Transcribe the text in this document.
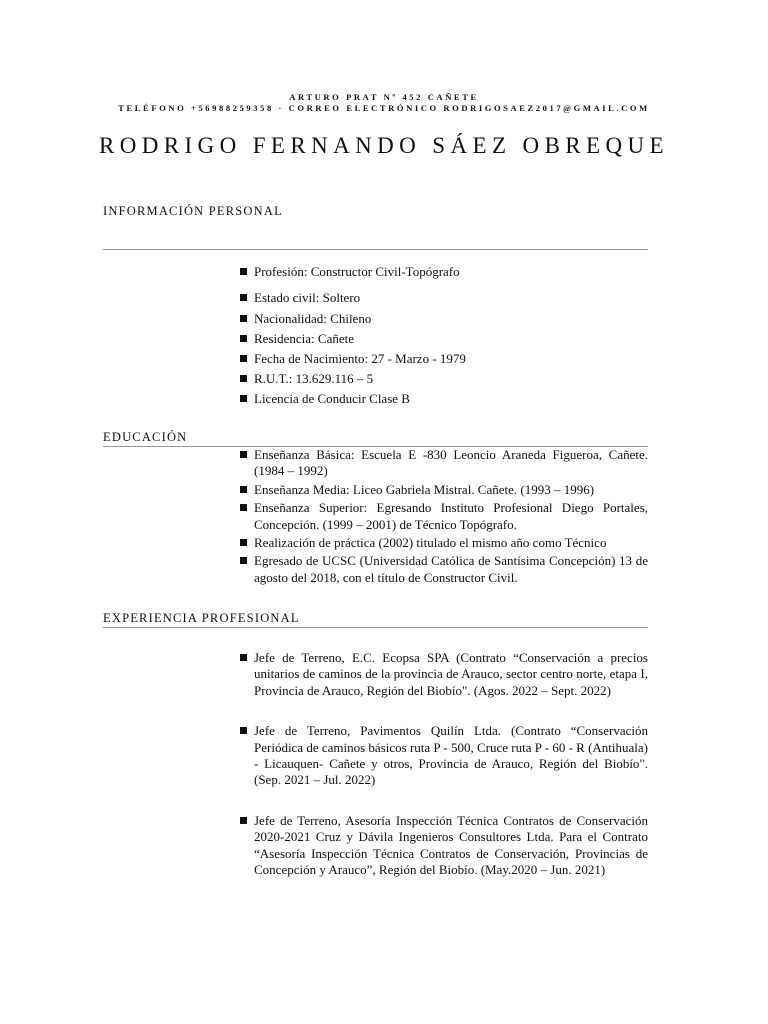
ARTURO PRAT Nº 452 CAÑETE
TELÉFONO +56988259358 · CORREO ELECTRÓNICO RODRIGOSAEZ2017@GMAIL.COM
RODRIGO FERNANDO SÁEZ OBREQUE
INFORMACIÓN PERSONAL
Profesión: Constructor Civil-Topógrafo
Estado civil: Soltero
Nacionalidad: Chileno
Residencia: Cañete
Fecha de Nacimiento: 27 - Marzo - 1979
R.U.T.: 13.629.116 – 5
Licencia de Conducir Clase B
EDUCACIÓN
Enseñanza Básica: Escuela E -830 Leoncio Araneda Figueroa, Cañete. (1984 – 1992)
Enseñanza Media: Liceo Gabriela Mistral. Cañete. (1993 – 1996)
Enseñanza Superior: Egresando Instituto Profesional Diego Portales, Concepción. (1999 – 2001) de Técnico Topógrafo.
Realización de práctica (2002) titulado el mismo año como Técnico
Egresado de UCSC (Universidad Católica de Santísima Concepción) 13 de agosto del 2018, con el título de Constructor Civil.
EXPERIENCIA PROFESIONAL
Jefe de Terreno, E.C. Ecopsa SPA (Contrato “Conservación a precios unitarios de caminos de la provincia de Arauco, sector centro norte, etapa I, Provincia de Arauco, Región del Biobío". (Agos. 2022 – Sept. 2022)
Jefe de Terreno, Pavimentos Quilín Ltda. (Contrato “Conservación Periódica de caminos básicos ruta P - 500, Cruce ruta P - 60 - R (Antihuala) - Licauquen- Cañete y otros, Provincia de Arauco, Región del Biobío". (Sep. 2021 – Jul. 2022)
Jefe de Terreno, Asesoría Inspección Técnica Contratos de Conservación 2020-2021 Cruz y Dávila Ingenieros Consultores Ltda. Para el Contrato “Asesoría Inspección Técnica Contratos de Conservación, Provincias de Concepción y Arauco”, Región del Biobío. (May.2020 – Jun. 2021)
